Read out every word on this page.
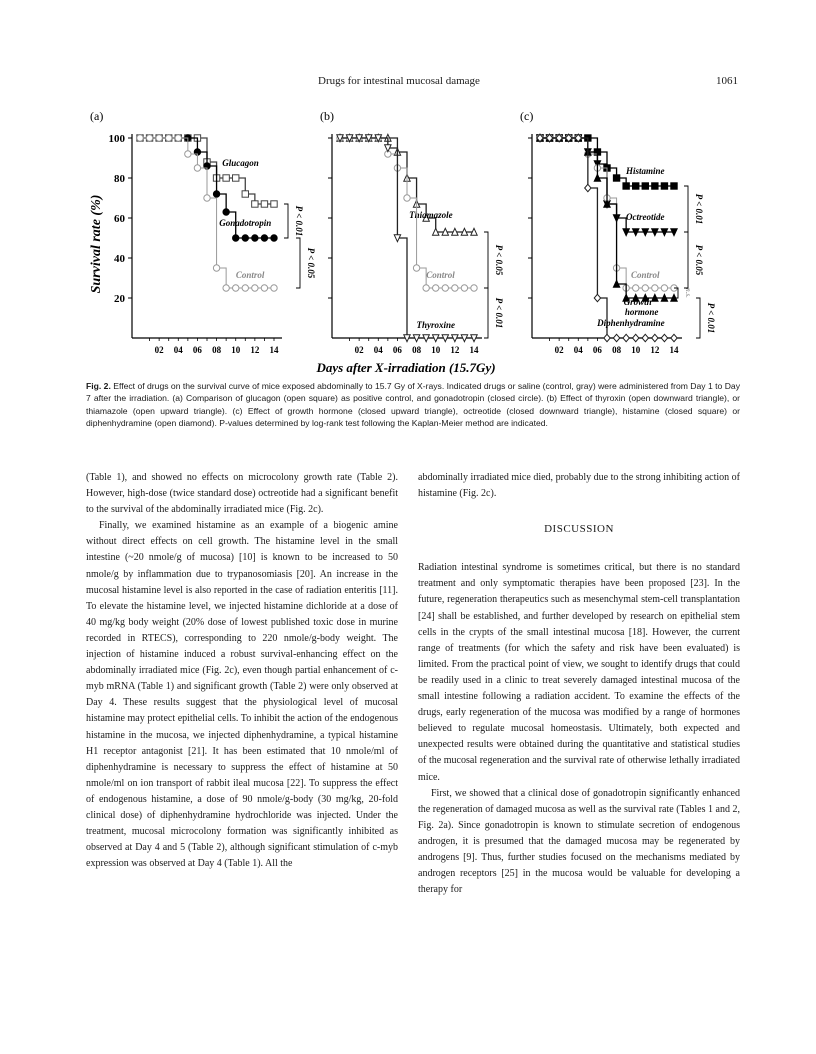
Drugs for intestinal mucosal damage	1061
Survival rate (%)
Days after X-irradiation (15.7Gy)
(a)
100
80
60
40
20
02 04 06 08 10 12 14
Glucagon
Gonadotropin
Control
P < 0.01
P < 0.05
(b)
02 04 06 08 10 12 14
Thiamazole
Control
Thyroxine
P < 0.05
P < 0.01
(c)
02 04 06 08 10 12 14
Histamine
Octreotide
Control
Growth
hormone
Diphenhydramine
P < 0.01
P < 0.05
n.s.
P < 0.01
Fig. 2. Effect of drugs on the survival curve of mice exposed abdominally to 15.7 Gy of X-rays. Indicated drugs or saline (control, gray) were administered from Day 1 to Day 7 after the irradiation. (a) Comparison of glucagon (open square) as positive control, and gonadotropin (closed circle). (b) Effect of thyroxin (open downward triangle), or thiamazole (open upward triangle). (c) Effect of growth hormone (closed upward triangle), octreotide (closed downward triangle), histamine (closed square) or diphenhydramine (open diamond). P-values determined by log-rank test following the Kaplan-Meier method are indicated.

(Table 1), and showed no effects on microcolony growth rate (Table 2). However, high-dose (twice standard dose) octreotide had a significant benefit to the survival of the abdominally irradiated mice (Fig. 2c).

Finally, we examined histamine as an example of a biogenic amine without direct effects on cell growth. The histamine level in the small intestine (~20 nmole/g of mucosa) [10] is known to be increased to 50 nmole/g by inflammation due to trypanosomiasis [20]. An increase in the mucosal histamine level is also reported in the case of radiation enteritis [11]. To elevate the histamine level, we injected histamine dichloride at a dose of 40 mg/kg body weight (20% dose of lowest published toxic dose in murine recorded in RTECS), corresponding to 220 nmole/g-body weight. The injection of histamine induced a robust survival-enhancing effect on the abdominally irradiated mice (Fig. 2c), even though partial enhancement of c-myb mRNA (Table 1) and significant growth (Table 2) were only observed at Day 4. These results suggest that the physiological level of mucosal histamine may protect epithelial cells. To inhibit the action of the endogenous histamine in the mucosa, we injected diphenhydramine, a typical histamine H1 receptor antagonist [21]. It has been estimated that 10 nmole/ml of diphenhydramine is necessary to suppress the effect of histamine at 50 nmole/ml on ion transport of rabbit ileal mucosa [22]. To suppress the effect of endogenous histamine, a dose of 90 nmole/g-body (30 mg/kg, 20-fold clinical dose) of diphenhydramine hydrochloride was injected. Under the treatment, mucosal microcolony formation was significantly inhibited as observed at Day 4 and 5 (Table 2), although significant stimulation of c-myb expression was observed at Day 4 (Table 1). All the

abdominally irradiated mice died, probably due to the strong inhibiting action of histamine (Fig. 2c).

DISCUSSION

Radiation intestinal syndrome is sometimes critical, but there is no standard treatment and only symptomatic therapies have been proposed [23]. In the future, regeneration therapeutics such as mesenchymal stem-cell transplantation [24] shall be established, and further developed by research on epithelial stem cells in the crypts of the small intestinal mucosa [18]. However, the current range of treatments (for which the safety and risk have been evaluated) is limited. From the practical point of view, we sought to identify drugs that could be readily used in a clinic to treat severely damaged intestinal mucosa of the small intestine following a radiation accident. To examine the effects of the drugs, early regeneration of the mucosa was modified by a range of hormones believed to regulate mucosal homeostasis. Ultimately, both expected and unexpected results were obtained during the quantitative and statistical studies of the mucosal regeneration and the survival rate of otherwise lethally irradiated mice.

First, we showed that a clinical dose of gonadotropin significantly enhanced the regeneration of damaged mucosa as well as the survival rate (Tables 1 and 2, Fig. 2a). Since gonadotropin is known to stimulate secretion of endogenous androgen, it is presumed that the damaged mucosa may be regenerated by androgens [9]. Thus, further studies focused on the mechanisms mediated by androgen receptors [25] in the mucosa would be valuable for developing a therapy for
